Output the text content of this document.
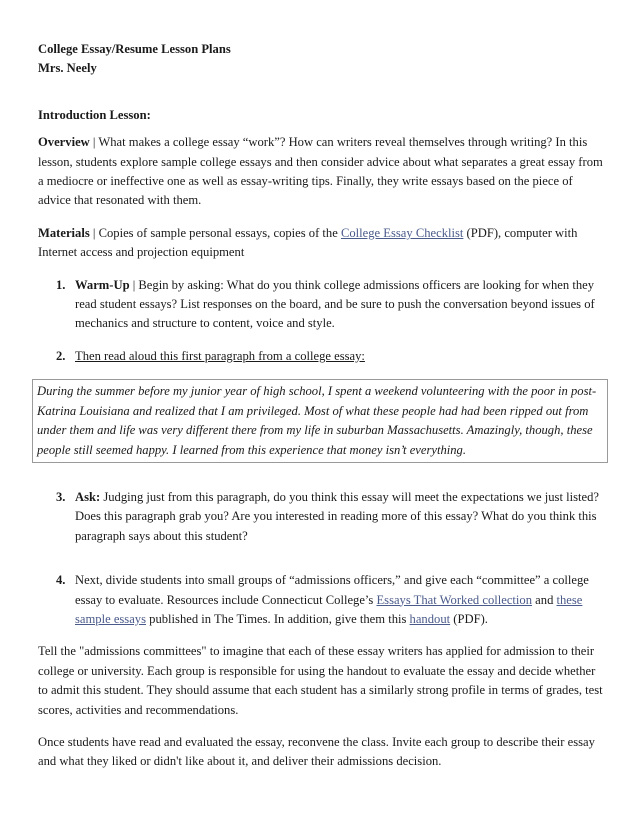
College Essay/Resume Lesson Plans
Mrs. Neely
Introduction Lesson:

Overview | What makes a college essay “work”? How can writers reveal themselves through writing? In this lesson, students explore sample college essays and then consider advice about what separates a great essay from a mediocre or ineffective one as well as essay-writing tips. Finally, they write essays based on the piece of advice that resonated with them.

Materials | Copies of sample personal essays, copies of the College Essay Checklist (PDF), computer with Internet access and projection equipment

1. Warm-Up | Begin by asking: What do you think college admissions officers are looking for when they read student essays? List responses on the board, and be sure to push the conversation beyond issues of mechanics and structure to content, voice and style.
2. Then read aloud this first paragraph from a college essay:
During the summer before my junior year of high school, I spent a weekend volunteering with the poor in post-Katrina Louisiana and realized that I am privileged. Most of what these people had had been ripped out from under them and life was very different there from my life in suburban Massachusetts. Amazingly, though, these people still seemed happy. I learned from this experience that money isn’t everything.
3. Ask: Judging just from this paragraph, do you think this essay will meet the expectations we just listed? Does this paragraph grab you? Are you interested in reading more of this essay? What do you think this paragraph says about this student?
4. Next, divide students into small groups of “admissions officers,” and give each “committee” a college essay to evaluate. Resources include Connecticut College’s Essays That Worked collection and these sample essays published in The Times. In addition, give them this handout (PDF).

Tell the "admissions committees" to imagine that each of these essay writers has applied for admission to their college or university. Each group is responsible for using the handout to evaluate the essay and decide whether to admit this student. They should assume that each student has a similarly strong profile in terms of grades, test scores, activities and recommendations.

Once students have read and evaluated the essay, reconvene the class. Invite each group to describe their essay and what they liked or didn't like about it, and deliver their admissions decision.
